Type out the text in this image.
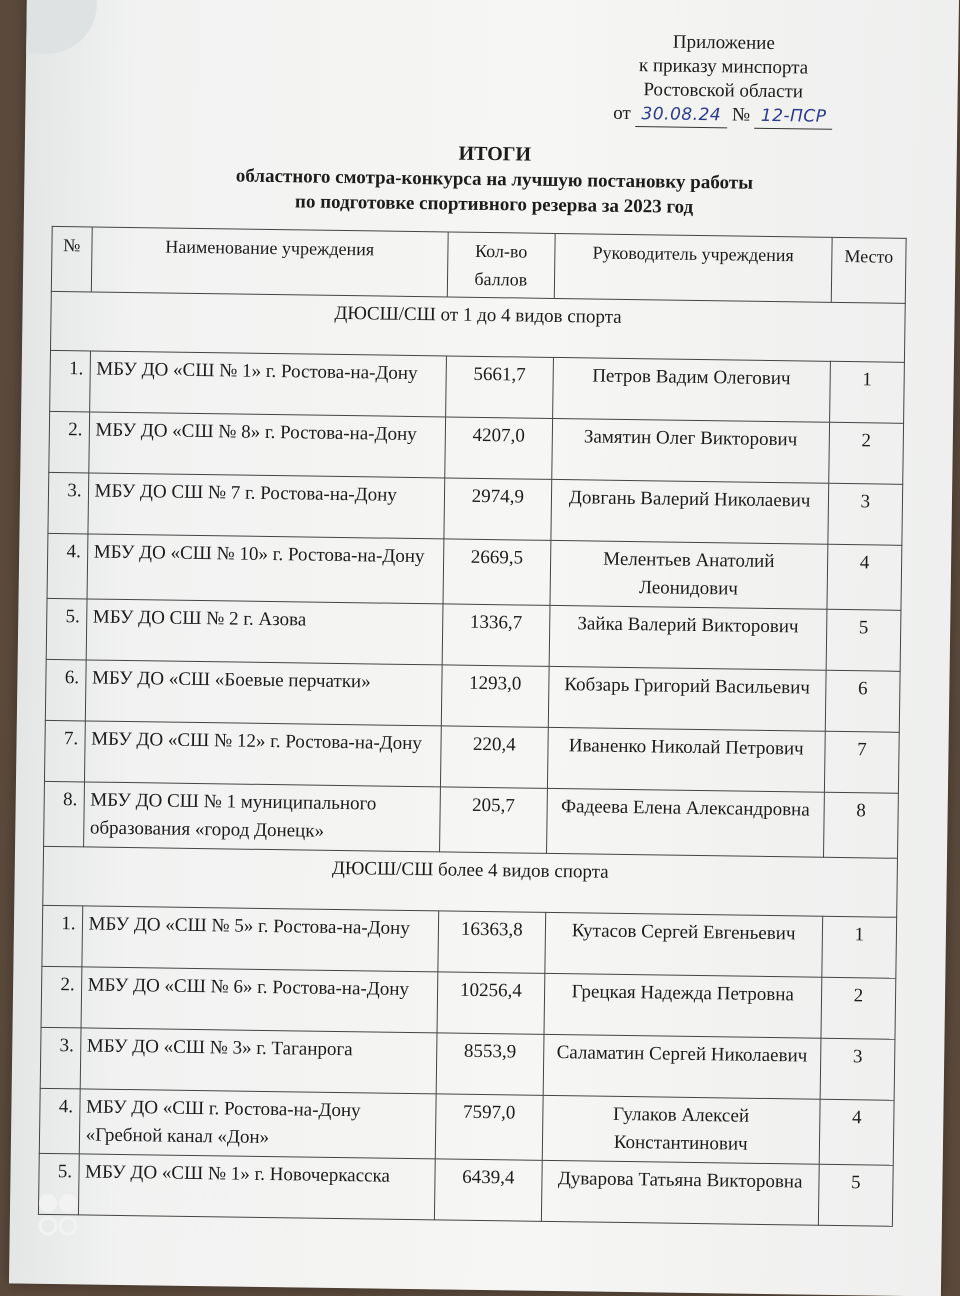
Приложение
к приказу минспорта
Ростовской области
от 30.08.24 № 12-ПСР
ИТОГИ
областного смотра-конкурса на лучшую постановку работы
по подготовке спортивного резерва за 2023 год
№	Наименование учреждения	Кол-во баллов	Руководитель учреждения	Место
ДЮСШ/СШ от 1 до 4 видов спорта				
1.	МБУ ДО «СШ № 1» г. Ростова-на-Дону	5661,7	Петров Вадим Олегович	1
2.	МБУ ДО «СШ № 8» г. Ростова-на-Дону	4207,0	Замятин Олег Викторович	2
3.	МБУ ДО СШ № 7 г. Ростова-на-Дону	2974,9	Довгань Валерий Николаевич	3
4.	МБУ ДО «СШ № 10» г. Ростова-на-Дону	2669,5	Мелентьев Анатолий Леонидович	4
5.	МБУ ДО СШ № 2 г. Азова	1336,7	Зайка Валерий Викторович	5
6.	МБУ ДО «СШ «Боевые перчатки»	1293,0	Кобзарь Григорий Васильевич	6
7.	МБУ ДО «СШ № 12» г. Ростова-на-Дону	220,4	Иваненко Николай Петрович	7
8.	МБУ ДО СШ № 1 муниципального образования «город Донецк»	205,7	Фадеева Елена Александровна	8
ДЮСШ/СШ более 4 видов спорта				
1.	МБУ ДО «СШ № 5» г. Ростова-на-Дону	16363,8	Кутасов Сергей Евгеньевич	1
2.	МБУ ДО «СШ № 6» г. Ростова-на-Дону	10256,4	Грецкая Надежда Петровна	2
3.	МБУ ДО «СШ № 3» г. Таганрога	8553,9	Саламатин Сергей Николаевич	3
4.	МБУ ДО «СШ г. Ростова-на-Дону «Гребной канал «Дон»	7597,0	Гулаков Алексей Константинович	4
5.	МБУ ДО «СШ № 1» г. Новочеркасска	6439,4	Дуварова Татьяна Викторовна	5
REDMI NOTE 8
AI QUAD CAMERA
